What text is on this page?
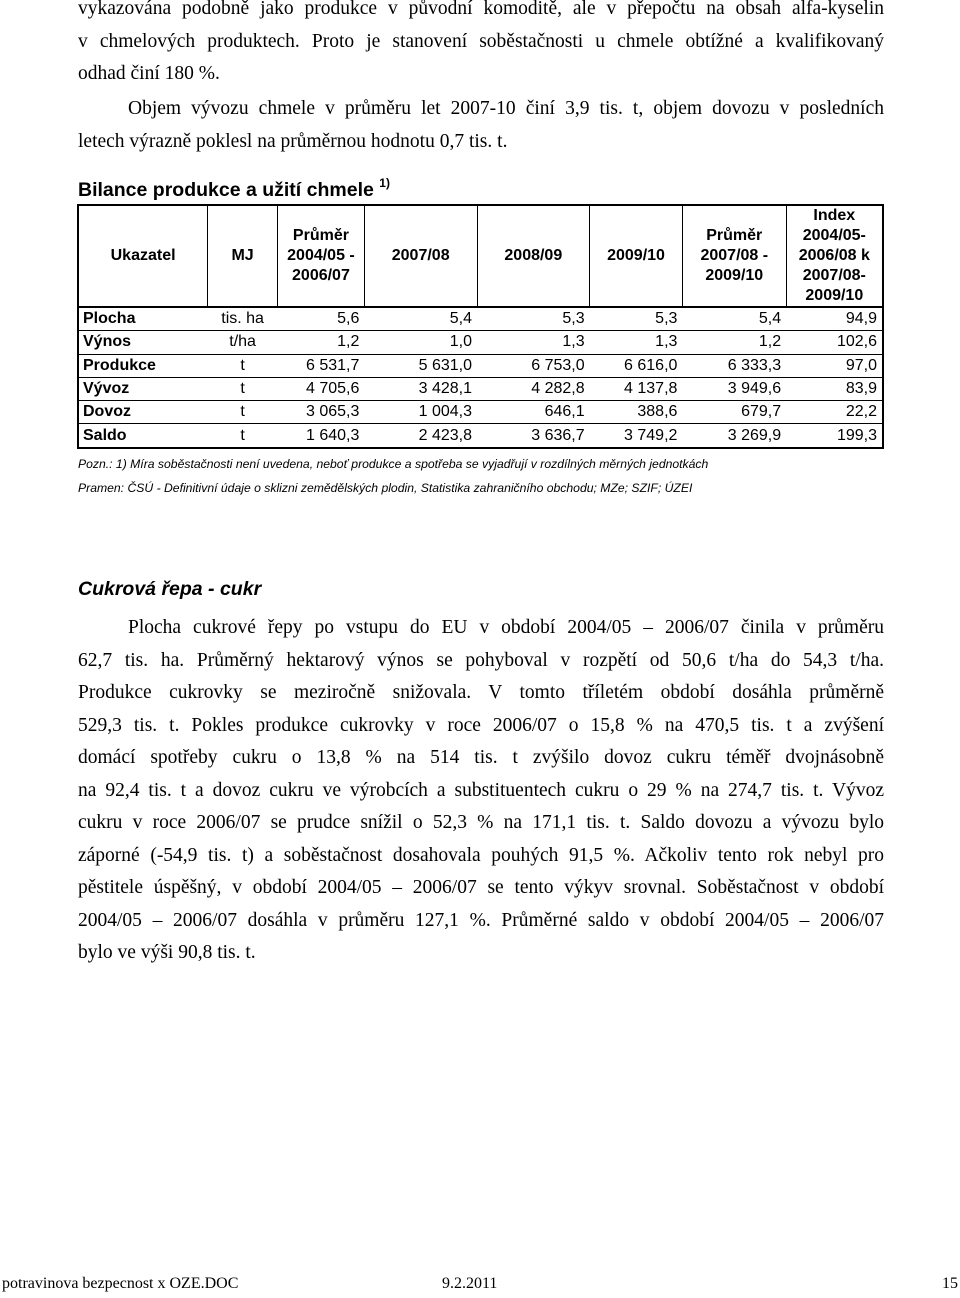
vykazována podobně jako produkce v původní komoditě, ale v přepočtu na obsah alfa-kyselin
v chmelových produktech. Proto je stanovení soběstačnosti u chmele obtížné a kvalifikovaný
odhad činí 180 %.
Objem vývozu chmele v průměru let 2007-10 činí 3,9 tis. t, objem dovozu v posledních
letech výrazně poklesl na průměrnou hodnotu 0,7 tis. t.
Bilance produkce a užití chmele $^{1)}$
Ukazatel	MJ	Průměr 2004/05 - 2006/07	2007/08	2008/09	2009/10	Průměr 2007/08 - 2009/10	Index 2004/05- 2006/08 k 2007/08- 2009/10
Plocha	tis. ha	5,6	5,4	5,3	5,3	5,4	94,9
Výnos	t/ha	1,2	1,0	1,3	1,3	1,2	102,6
Produkce	t	6 531,7	5 631,0	6 753,0	6 616,0	6 333,3	97,0
Vývoz	t	4 705,6	3 428,1	4 282,8	4 137,8	3 949,6	83,9
Dovoz	t	3 065,3	1 004,3	646,1	388,6	679,7	22,2
Saldo	t	1 640,3	2 423,8	3 636,7	3 749,2	3 269,9	199,3
Pozn.: 1) Míra soběstačnosti není uvedena, neboť produkce a spotřeba se vyjadřují v rozdílných měrných jednotkách
Pramen: ČSÚ - Definitivní údaje o sklizni zemědělských plodin, Statistika zahraničního obchodu; MZe; SZIF; ÚZEI
Cukrová řepa - cukr
Plocha cukrové řepy po vstupu do EU v období 2004/05 – 2006/07 činila v průměru
62,7 tis. ha. Průměrný hektarový výnos se pohyboval v rozpětí od 50,6 t/ha do 54,3 t/ha.
Produkce cukrovky se meziročně snižovala. V tomto tříletém období dosáhla průměrně
529,3 tis. t. Pokles produkce cukrovky v roce 2006/07 o 15,8 % na 470,5 tis. t a zvýšení
domácí spotřeby cukru o 13,8 % na 514 tis. t zvýšilo dovoz cukru téměř dvojnásobně
na 92,4 tis. t a dovoz cukru ve výrobcích a substituentech cukru o 29 % na 274,7 tis. t. Vývoz
cukru v roce 2006/07 se prudce snížil o 52,3 % na 171,1 tis. t. Saldo dovozu a vývozu bylo
záporné (-54,9 tis. t) a soběstačnost dosahovala pouhých 91,5 %. Ačkoliv tento rok nebyl pro
pěstitele úspěšný, v období 2004/05 – 2006/07 se tento výkyv srovnal. Soběstačnost v období
2004/05 – 2006/07 dosáhla v průměru 127,1 %. Průměrné saldo v období 2004/05 – 2006/07
bylo ve výši 90,8 tis. t.
potravinova bezpecnost x OZE.DOC	9.2.2011	15
